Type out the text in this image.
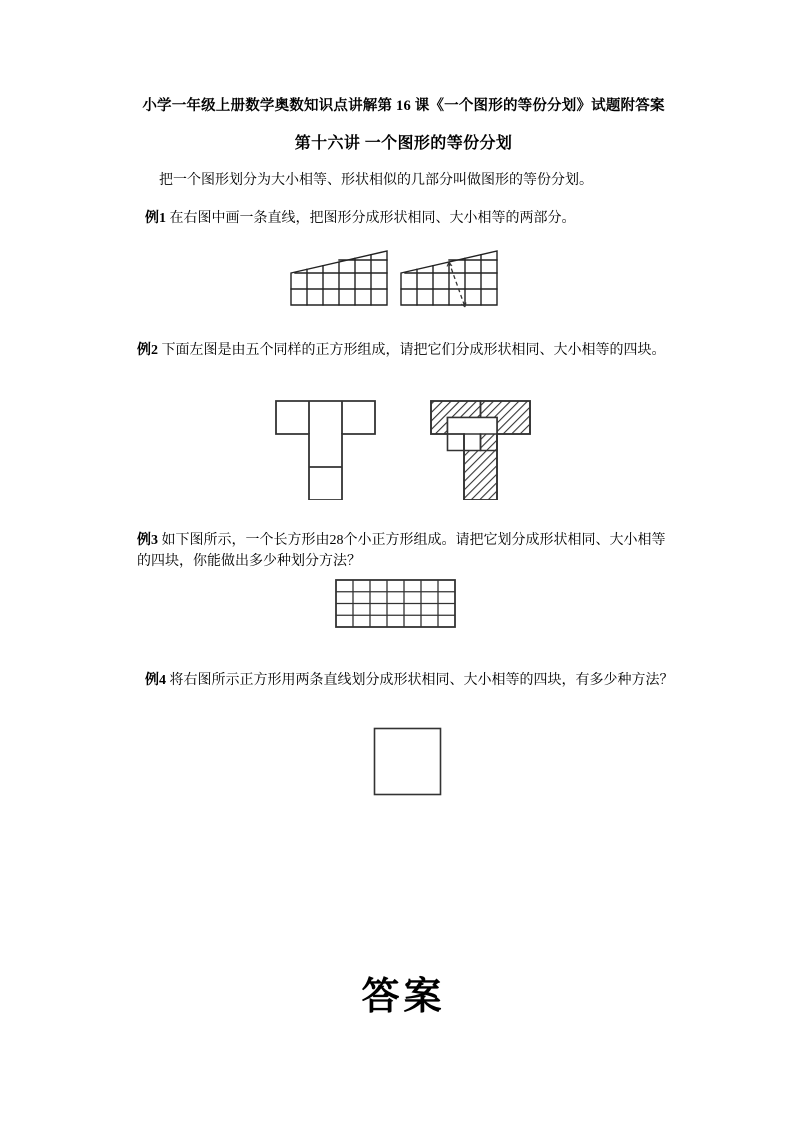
小学一年级上册数学奥数知识点讲解第 16 课《一个图形的等份分划》试题附答案
第十六讲 一个图形的等份分划
把一个图形划分为大小相等、形状相似的几部分叫做图形的等份分划。
例1 在右图中画一条直线，把图形分成形状相同、大小相等的两部分。
例2 下面左图是由五个同样的正方形组成，请把它们分成形状相同、大小相等的四块。
例3 如下图所示，一个长方形由28个小正方形组成。请把它划分成形状相同、大小相等的四块，你能做出多少种划分方法？
例4 将右图所示正方形用两条直线划分成形状相同、大小相等的四块，有多少种方法？
答案
